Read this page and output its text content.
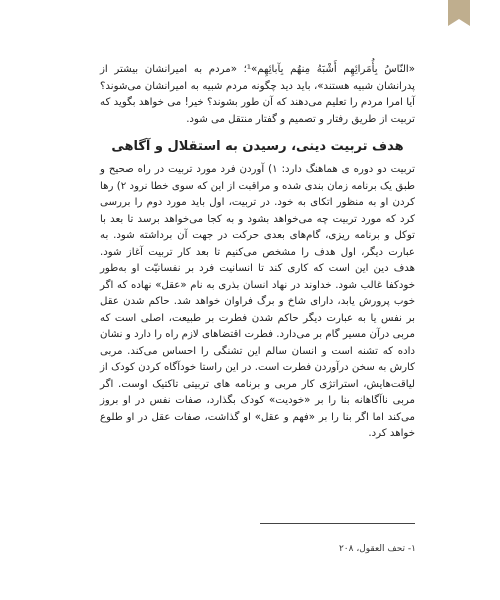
«النّاسُ بِأُمَرائِهِم أَشْبَهُ مِنهُم بِآبائِهِم»¹؛ «مردم به امیرانشان بیشتر از پدرانشان شبیه هستند»، باید دید چگونه مردم شبیه به امیرانشان می‌شوند؟ آیا امرا مردم را تعلیم می‌دهند که آن طور بشوند؟ خیر! می خواهد بگوید که تربیت از طریق رفتار و تصمیم و گفتار منتقل می شود.

هدف تربیت دینی، رسیدن به استقلال و آگاهی

تربیت دو دوره ی هماهنگ دارد: ۱) آوردن فرد مورد تربیت در راه صحیح و طبق یک برنامه زمان بندی شده و مراقبت از این که سوی خطا نرود ۲) رها کردن او به منظور اتکای به خود. در تربیت، اول باید مورد دوم را بررسی کرد که مورد تربیت چه می‌خواهد بشود و به کجا می‌خواهد برسد تا بعد با توکل و برنامه ریزی، گام‌های بعدی حرکت در جهت آن برداشته شود. به عبارت دیگر، اول هدف را مشخص می‌کنیم تا بعد کار تربیت آغاز شود. هدف دین این است که کاری کند تا انسانیت فرد بر نفسانیّت او به‌طور خودکفا غالب شود. خداوند در نهاد انسان بذری به نام «عقل» نهاده که اگر خوب پرورش یابد، دارای شاخ و برگ فراوان خواهد شد. حاکم شدن عقل بر نفس یا به عبارت دیگر حاکم شدن فطرت بر طبیعت، اصلی است که مربی درآن مسیر گام بر می‌دارد. فطرت اقتضاهای لازم راه را دارد و نشان داده که تشنه است و انسان سالم این تشنگی را احساس می‌کند. مربی کارش به سخن درآوردن فطرت است. در این راستا خودآگاه کردن کودک از لیاقت‌هایش، استراتژی کار مربی و برنامه های تربیتی تاکتیک اوست. اگر مربی ناآگاهانه بنا را بر «خودیت» کودک بگذارد، صفات نفس در او بروز می‌کند اما اگر بنا را بر «فهم و عقل» او گذاشت، صفات عقل در او طلوع خواهد کرد.

۱- تحف العقول، ۲۰۸
